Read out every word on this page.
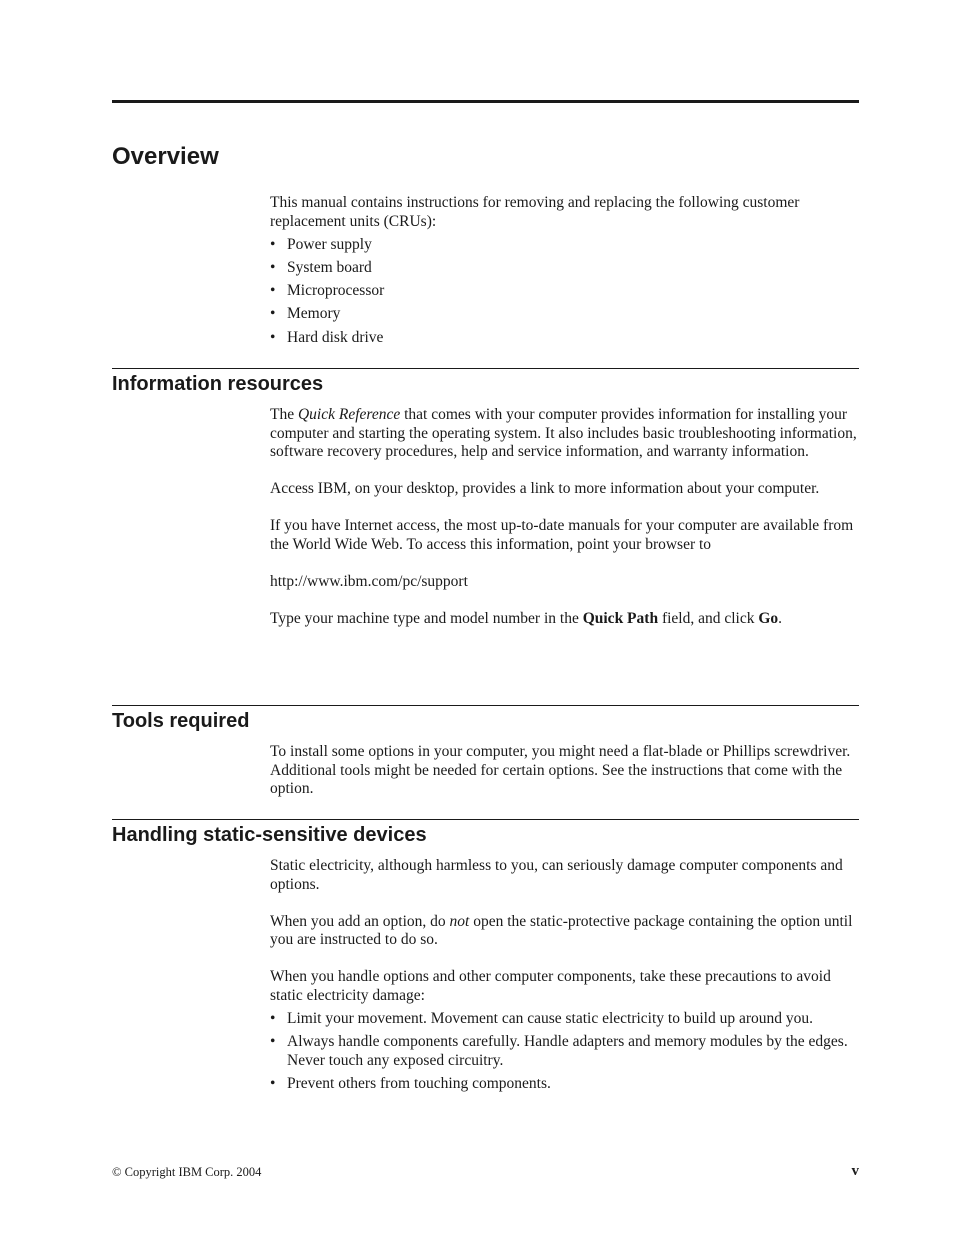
Overview

This manual contains instructions for removing and replacing the following customer replacement units (CRUs):

• Power supply
• System board
• Microprocessor
• Memory
• Hard disk drive
Information resources

The Quick Reference that comes with your computer provides information for installing your computer and starting the operating system. It also includes basic troubleshooting information, software recovery procedures, help and service information, and warranty information.

Access IBM, on your desktop, provides a link to more information about your computer.

If you have Internet access, the most up-to-date manuals for your computer are available from the World Wide Web. To access this information, point your browser to

http://www.ibm.com/pc/support

Type your machine type and model number in the Quick Path field, and click Go.

Tools required

To install some options in your computer, you might need a flat-blade or Phillips screwdriver. Additional tools might be needed for certain options. See the instructions that come with the option.

Handling static-sensitive devices

Static electricity, although harmless to you, can seriously damage computer components and options.

When you add an option, do not open the static-protective package containing the option until you are instructed to do so.

When you handle options and other computer components, take these precautions to avoid static electricity damage:

• Limit your movement. Movement can cause static electricity to build up around you.
• Always handle components carefully. Handle adapters and memory modules by the edges. Never touch any exposed circuitry.
• Prevent others from touching components.
© Copyright IBM Corp. 2004	v
